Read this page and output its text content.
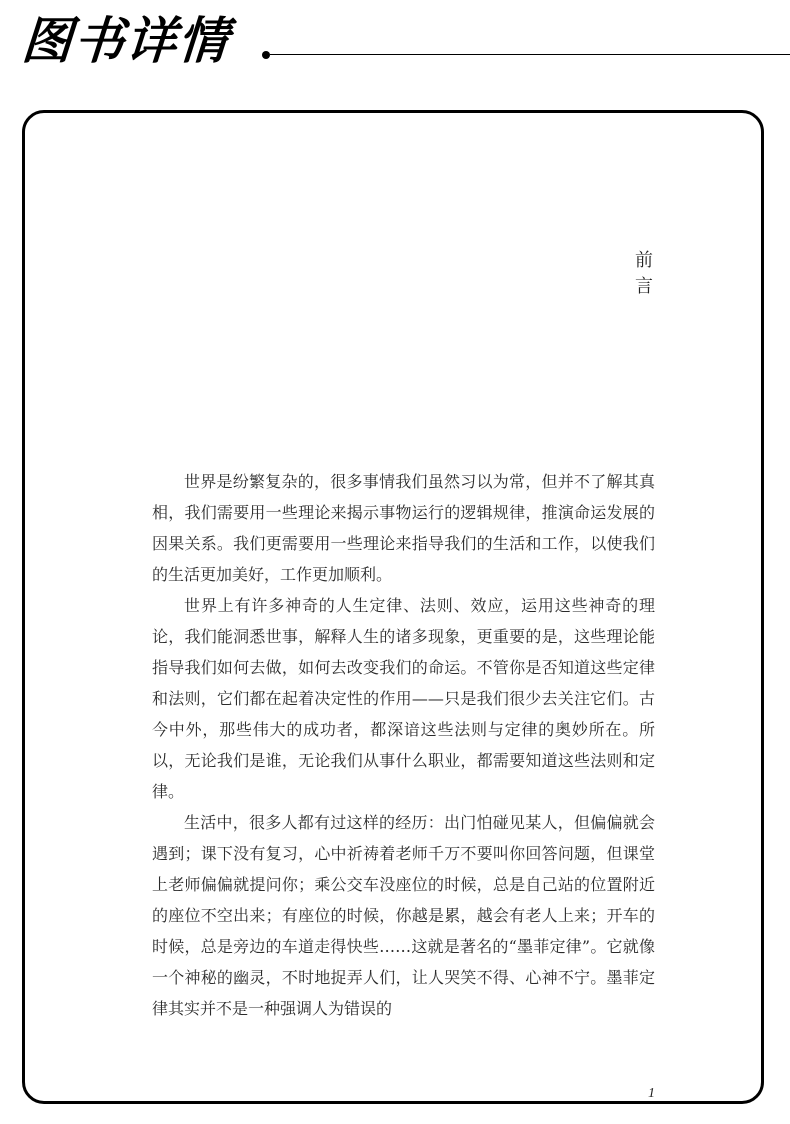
图书详情
前
言

世界是纷繁复杂的，很多事情我们虽然习以为常，但并不了解其真相，我们需要用一些理论来揭示事物运行的逻辑规律，推演命运发展的因果关系。我们更需要用一些理论来指导我们的生活和工作，以使我们的生活更加美好，工作更加顺利。

世界上有许多神奇的人生定律、法则、效应，运用这些神奇的理论，我们能洞悉世事，解释人生的诸多现象，更重要的是，这些理论能指导我们如何去做，如何去改变我们的命运。不管你是否知道这些定律和法则，它们都在起着决定性的作用——只是我们很少去关注它们。古今中外，那些伟大的成功者，都深谙这些法则与定律的奥妙所在。所以，无论我们是谁，无论我们从事什么职业，都需要知道这些法则和定律。

生活中，很多人都有过这样的经历：出门怕碰见某人，但偏偏就会遇到；课下没有复习，心中祈祷着老师千万不要叫你回答问题，但课堂上老师偏偏就提问你；乘公交车没座位的时候，总是自己站的位置附近的座位不空出来；有座位的时候，你越是累，越会有老人上来；开车的时候，总是旁边的车道走得快些……这就是著名的“墨菲定律”。它就像一个神秘的幽灵，不时地捉弄人们，让人哭笑不得、心神不宁。墨菲定律其实并不是一种强调人为错误的

1
